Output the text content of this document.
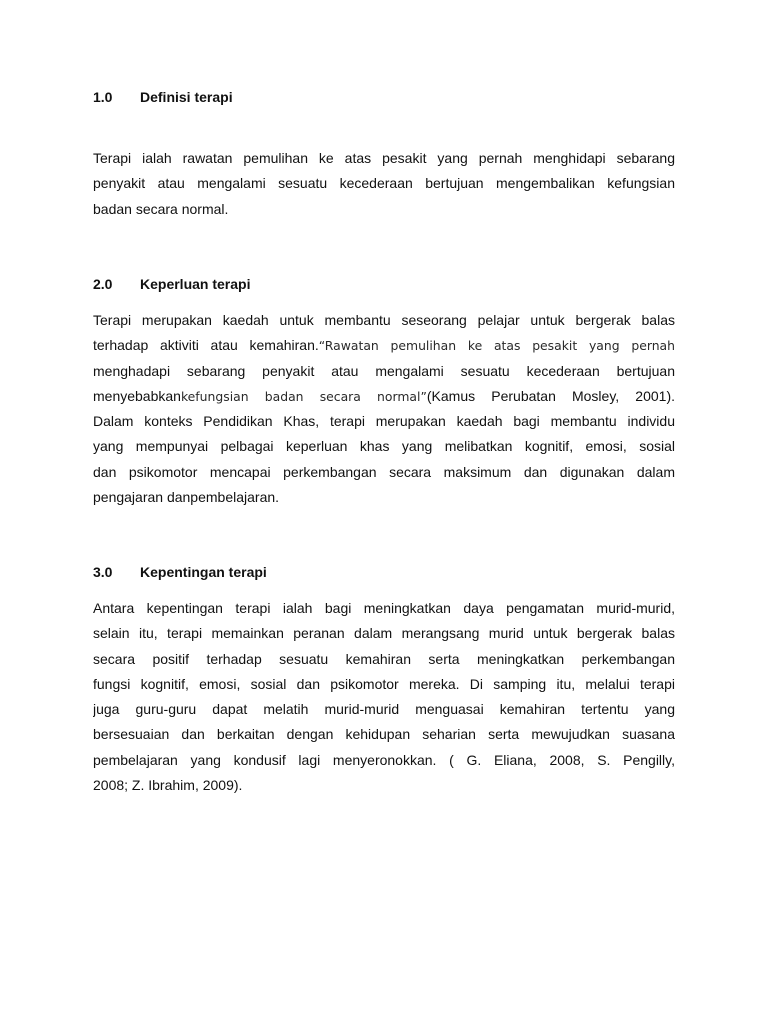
1.0 Definisi terapi
Terapi ialah rawatan pemulihan ke atas pesakit yang pernah menghidapi sebarang
penyakit atau mengalami sesuatu kecederaan bertujuan mengembalikan kefungsian
badan secara normal.
2.0 Keperluan terapi
Terapi merupakan kaedah untuk membantu seseorang pelajar untuk bergerak balas
terhadap aktiviti atau kemahiran.“Rawatan pemulihan ke atas pesakit yang pernah
menghadapi sebarang penyakit atau mengalami sesuatu kecederaan bertujuan
menyebabkankefungsian badan secara normal”(Kamus Perubatan Mosley, 2001).
Dalam konteks Pendidikan Khas, terapi merupakan kaedah bagi membantu individu
yang mempunyai pelbagai keperluan khas yang melibatkan kognitif, emosi, sosial
dan psikomotor mencapai perkembangan secara maksimum dan digunakan dalam
pengajaran danpembelajaran.
3.0 Kepentingan terapi
Antara kepentingan terapi ialah bagi meningkatkan daya pengamatan murid-murid,
selain itu, terapi memainkan peranan dalam merangsang murid untuk bergerak balas
secara positif terhadap sesuatu kemahiran serta meningkatkan perkembangan
fungsi kognitif, emosi, sosial dan psikomotor mereka. Di samping itu, melalui terapi
juga guru-guru dapat melatih murid-murid menguasai kemahiran tertentu yang
bersesuaian dan berkaitan dengan kehidupan seharian serta mewujudkan suasana
pembelajaran yang kondusif lagi menyeronokkan. ( G. Eliana, 2008, S. Pengilly,
2008; Z. Ibrahim, 2009).
